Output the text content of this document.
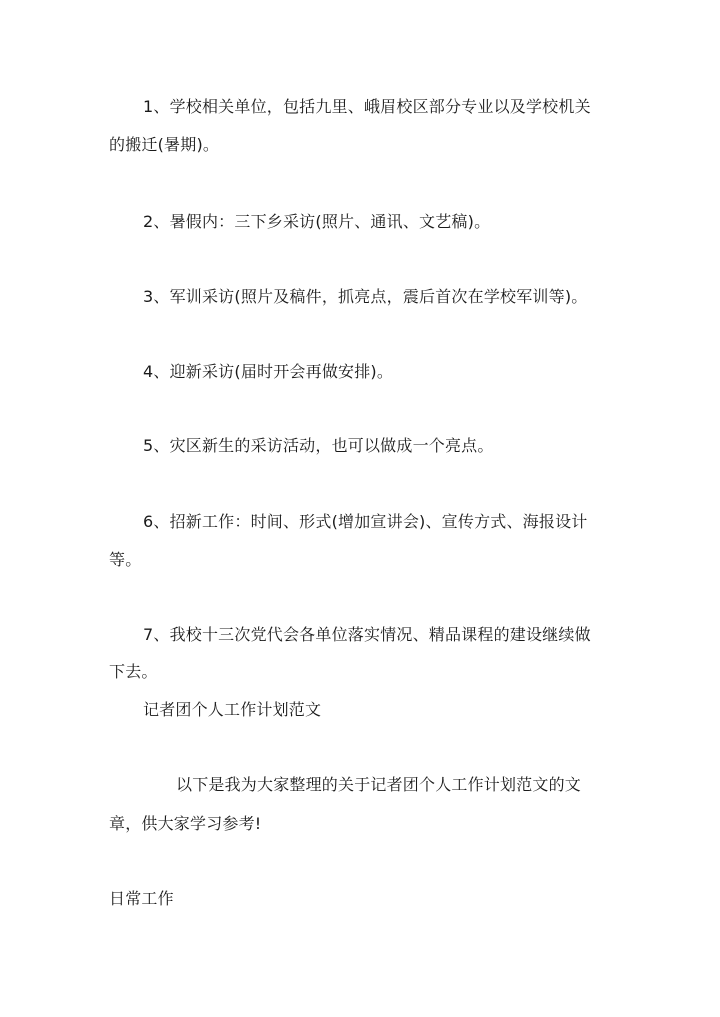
1、学校相关单位，包括九里、峨眉校区部分专业以及学校机关

的搬迁(暑期)。

2、暑假内：三下乡采访(照片、通讯、文艺稿)。

3、军训采访(照片及稿件，抓亮点，震后首次在学校军训等)。

4、迎新采访(届时开会再做安排)。

5、灾区新生的采访活动，也可以做成一个亮点。

6、招新工作：时间、形式(增加宣讲会)、宣传方式、海报设计

等。

7、我校十三次党代会各单位落实情况、精品课程的建设继续做

下去。

记者团个人工作计划范文

以下是我为大家整理的关于记者团个人工作计划范文的文

章，供大家学习参考!

日常工作
